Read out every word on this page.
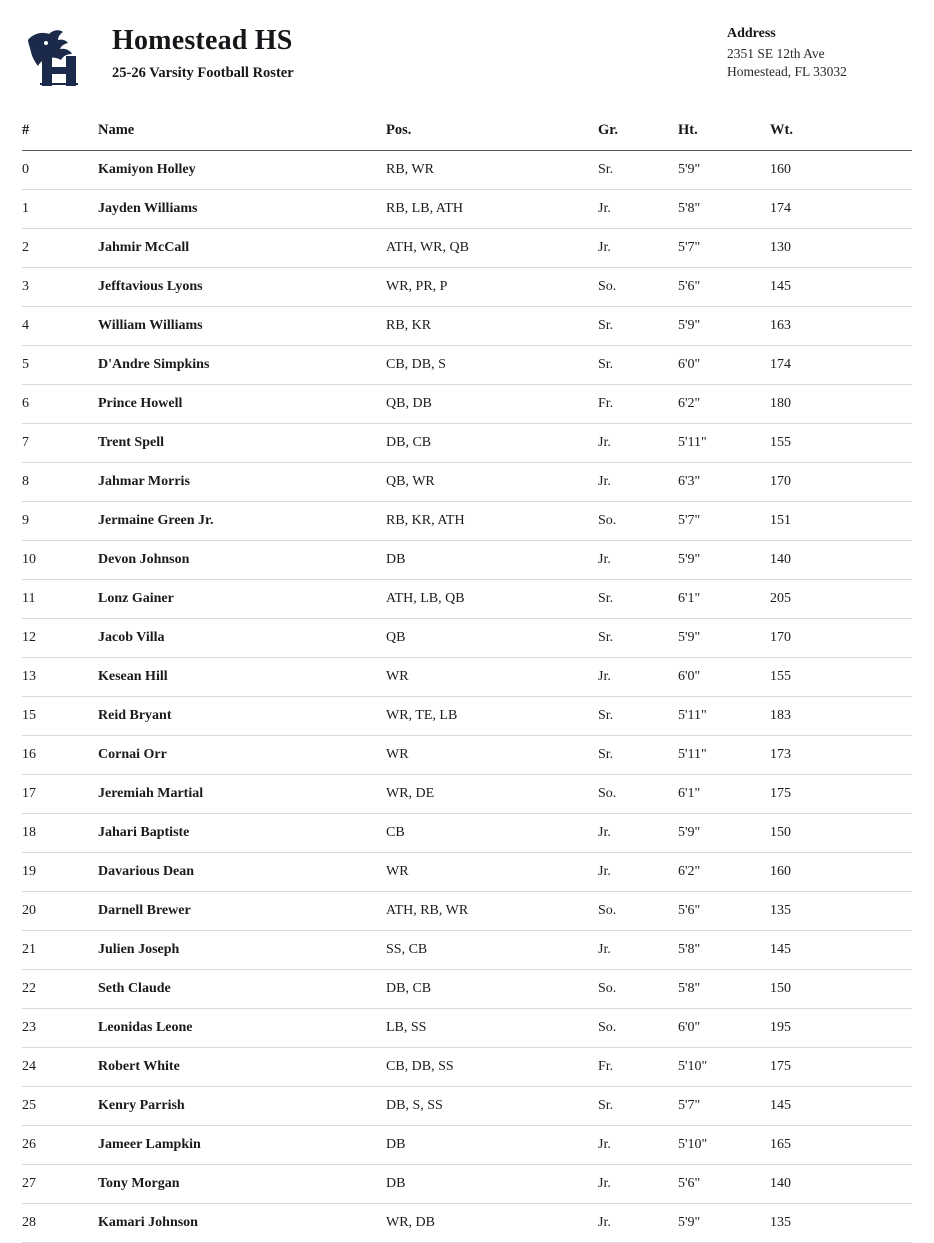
Homestead HS
25-26 Varsity Football Roster
Address
2351 SE 12th Ave
Homestead, FL 33032
#	Name	Pos.	Gr.	Ht.	Wt.
0	Kamiyon Holley	RB, WR	Sr.	5'9"	160
1	Jayden Williams	RB, LB, ATH	Jr.	5'8"	174
2	Jahmir McCall	ATH, WR, QB	Jr.	5'7"	130
3	Jefftavious Lyons	WR, PR, P	So.	5'6"	145
4	William Williams	RB, KR	Sr.	5'9"	163
5	D'Andre Simpkins	CB, DB, S	Sr.	6'0"	174
6	Prince Howell	QB, DB	Fr.	6'2"	180
7	Trent Spell	DB, CB	Jr.	5'11"	155
8	Jahmar Morris	QB, WR	Jr.	6'3"	170
9	Jermaine Green Jr.	RB, KR, ATH	So.	5'7"	151
10	Devon Johnson	DB	Jr.	5'9"	140
11	Lonz Gainer	ATH, LB, QB	Sr.	6'1"	205
12	Jacob Villa	QB	Sr.	5'9"	170
13	Kesean Hill	WR	Jr.	6'0"	155
15	Reid Bryant	WR, TE, LB	Sr.	5'11"	183
16	Cornai Orr	WR	Sr.	5'11"	173
17	Jeremiah Martial	WR, DE	So.	6'1"	175
18	Jahari Baptiste	CB	Jr.	5'9"	150
19	Davarious Dean	WR	Jr.	6'2"	160
20	Darnell Brewer	ATH, RB, WR	So.	5'6"	135
21	Julien Joseph	SS, CB	Jr.	5'8"	145
22	Seth Claude	DB, CB	So.	5'8"	150
23	Leonidas Leone	LB, SS	So.	6'0"	195
24	Robert White	CB, DB, SS	Fr.	5'10"	175
25	Kenry Parrish	DB, S, SS	Sr.	5'7"	145
26	Jameer Lampkin	DB	Jr.	5'10"	165
27	Tony Morgan	DB	Jr.	5'6"	140
28	Kamari Johnson	WR, DB	Jr.	5'9"	135
